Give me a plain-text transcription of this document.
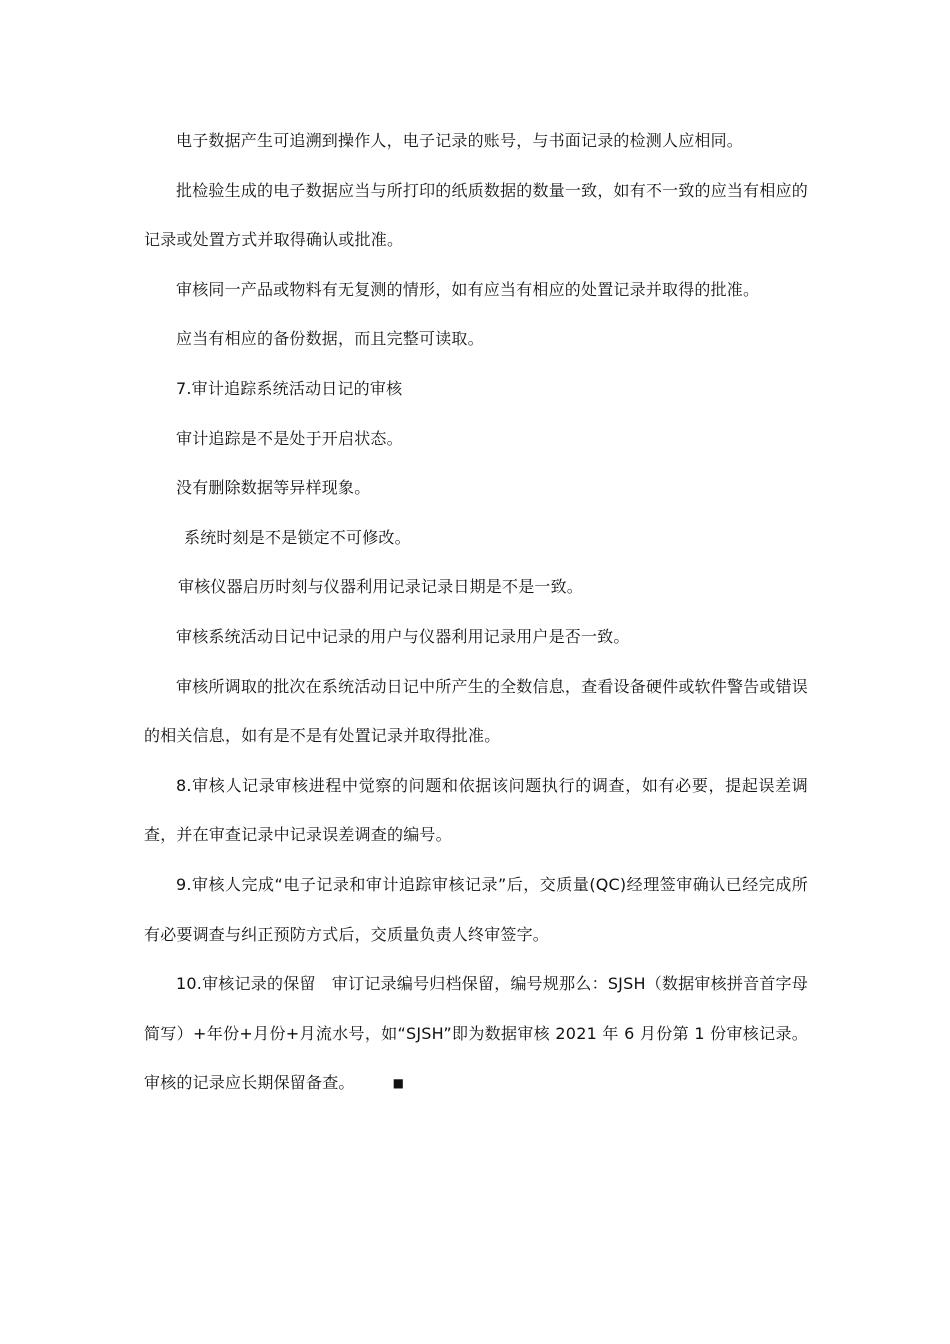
电子数据产生可追溯到操作人，电子记录的账号，与书面记录的检测人应相同。

批检验生成的电子数据应当与所打印的纸质数据的数量一致，如有不一致的应当有相应的记录或处置方式并取得确认或批准。

审核同一产品或物料有无复测的情形，如有应当有相应的处置记录并取得的批准。

应当有相应的备份数据，而且完整可读取。

7.审计追踪系统活动日记的审核

审计追踪是不是处于开启状态。

没有删除数据等异样现象。

系统时刻是不是锁定不可修改。

审核仪器启历时刻与仪器利用记录记录日期是不是一致。

审核系统活动日记中记录的用户与仪器利用记录用户是否一致。

审核所调取的批次在系统活动日记中所产生的全数信息，查看设备硬件或软件警告或错误的相关信息，如有是不是有处置记录并取得批准。

8.审核人记录审核进程中觉察的问题和依据该问题执行的调查，如有必要，提起误差调查，并在审查记录中记录误差调查的编号。

9.审核人完成“电子记录和审计追踪审核记录”后，交质量(QC)经理签审确认已经完成所有必要调查与纠正预防方式后，交质量负责人终审签字。

10.审核记录的保留　审订记录编号归档保留，编号规那么：SJSH（数据审核拼音首字母简写）+年份+月份+月流水号，如“SJSH”即为数据审核 2021 年 6 月份第 1 份审核记录。审核的记录应长期保留备查。	■
